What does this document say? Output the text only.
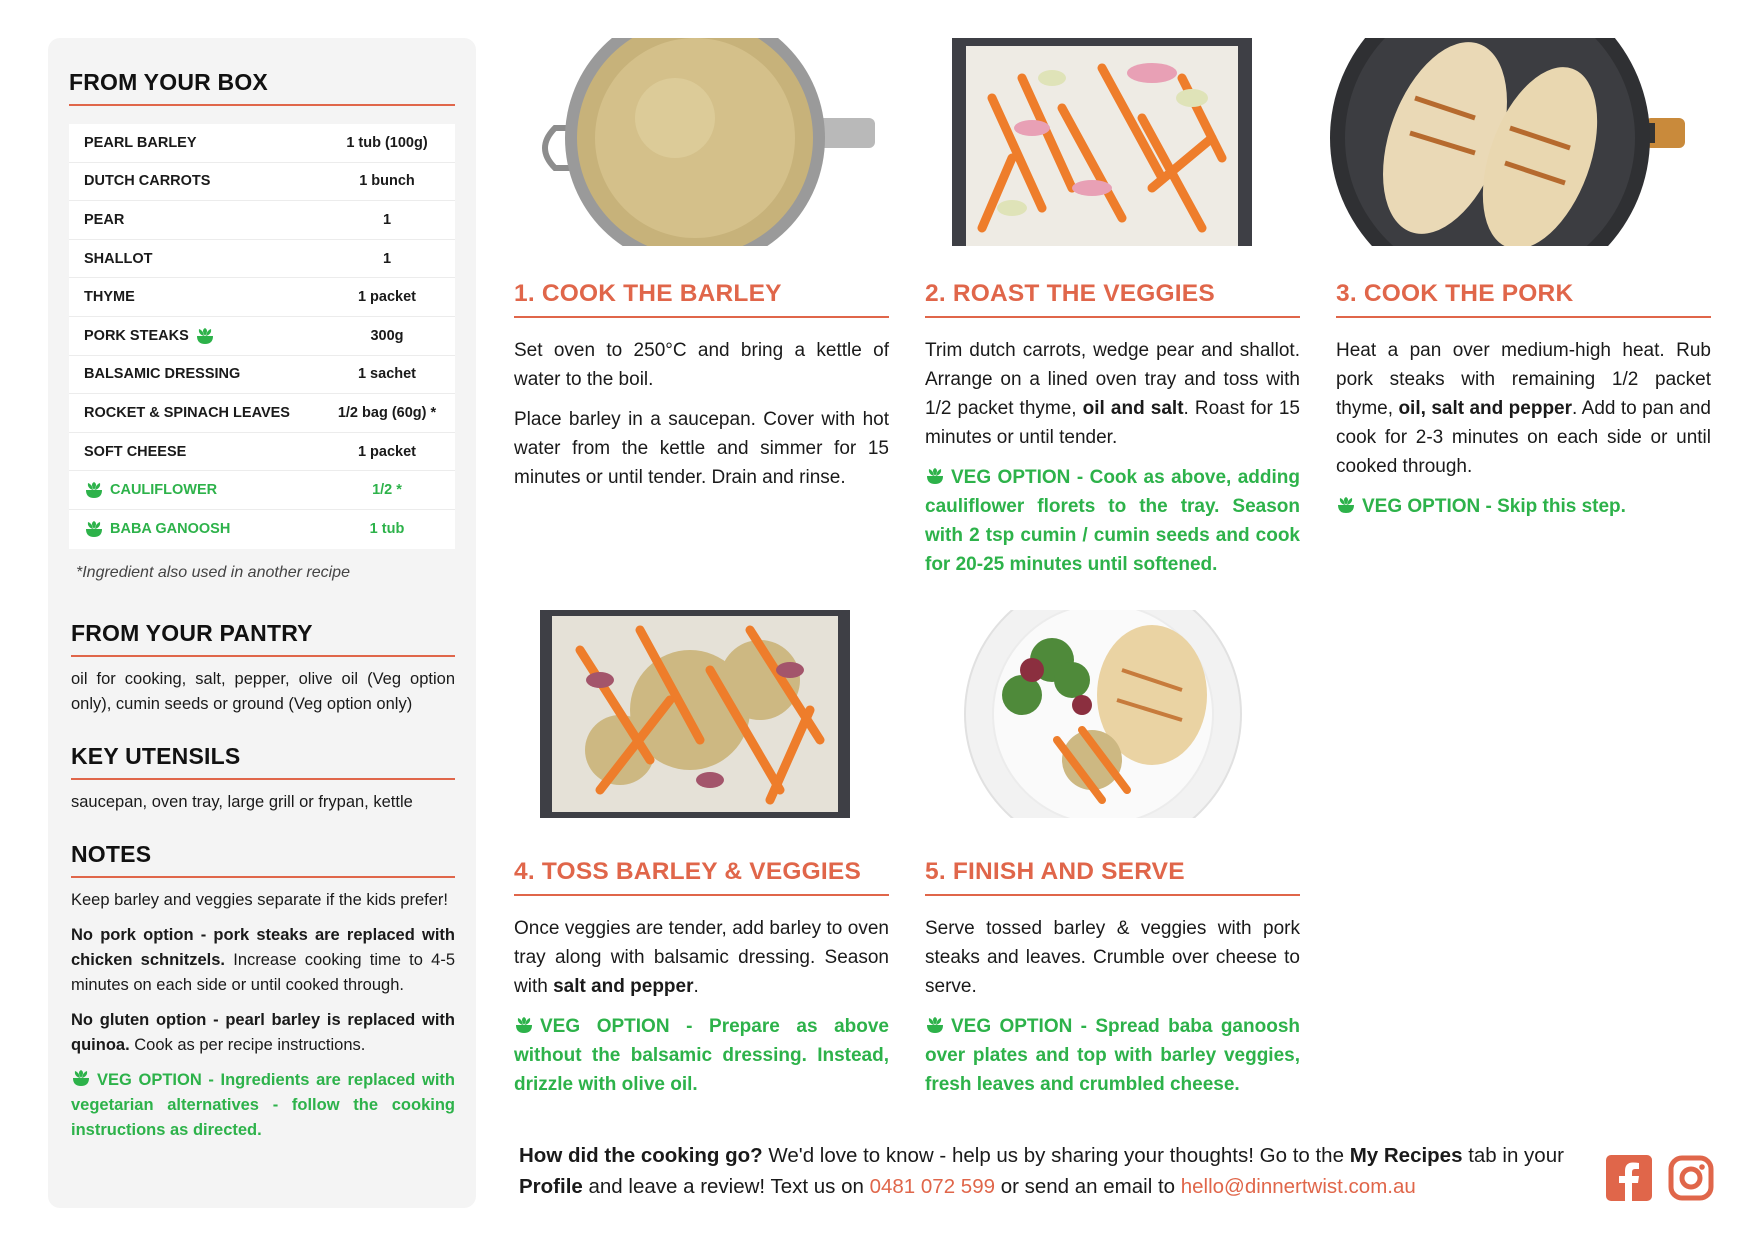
FROM YOUR BOX
PEARL BARLEY	1 tub (100g)
DUTCH CARROTS	1 bunch
PEAR	1
SHALLOT	1
THYME	1 packet
PORK STEAKS	300g
BALSAMIC DRESSING	1 sachet
ROCKET & SPINACH LEAVES	1/2 bag (60g) *
SOFT CHEESE	1 packet
CAULIFLOWER	1/2 *
BABA GANOOSH	1 tub
*Ingredient also used in another recipe
FROM YOUR PANTRY
oil for cooking, salt, pepper, olive oil (Veg option only), cumin seeds or ground (Veg option only)
KEY UTENSILS
saucepan, oven tray, large grill or frypan, kettle
NOTES
Keep barley and veggies separate if the kids prefer!
No pork option - pork steaks are replaced with chicken schnitzels. Increase cooking time to 4-5 minutes on each side or until cooked through.
No gluten option - pearl barley is replaced with quinoa. Cook as per recipe instructions.
VEG OPTION - Ingredients are replaced with vegetarian alternatives - follow the cooking instructions as directed.
1. COOK THE BARLEY

Set oven to 250°C and bring a kettle of water to the boil.

Place barley in a saucepan. Cover with hot water from the kettle and simmer for 15 minutes or until tender. Drain and rinse.

2. ROAST THE VEGGIES

Trim dutch carrots, wedge pear and shallot. Arrange on a lined oven tray and toss with 1/2 packet thyme, oil and salt. Roast for 15 minutes or until tender.

VEG OPTION - Cook as above, adding cauliflower florets to the tray. Season with 2 tsp cumin / cumin seeds and cook for 20-25 minutes until softened.
3. COOK THE PORK

Heat a pan over medium-high heat. Rub pork steaks with remaining 1/2 packet thyme, oil, salt and pepper. Add to pan and cook for 2-3 minutes on each side or until cooked through.

VEG OPTION - Skip this step.
4. TOSS BARLEY & VEGGIES

Once veggies are tender, add barley to oven tray along with balsamic dressing. Season with salt and pepper.

VEG OPTION - Prepare as above without the balsamic dressing. Instead, drizzle with olive oil.
5. FINISH AND SERVE

Serve tossed barley & veggies with pork steaks and leaves. Crumble over cheese to serve.

VEG OPTION - Spread baba ganoosh over plates and top with barley veggies, fresh leaves and crumbled cheese.
How did the cooking go? We'd love to know - help us by sharing your thoughts! Go to the My Recipes tab in your Profile and leave a review! Text us on 0481 072 599 or send an email to hello@dinnertwist.com.au
